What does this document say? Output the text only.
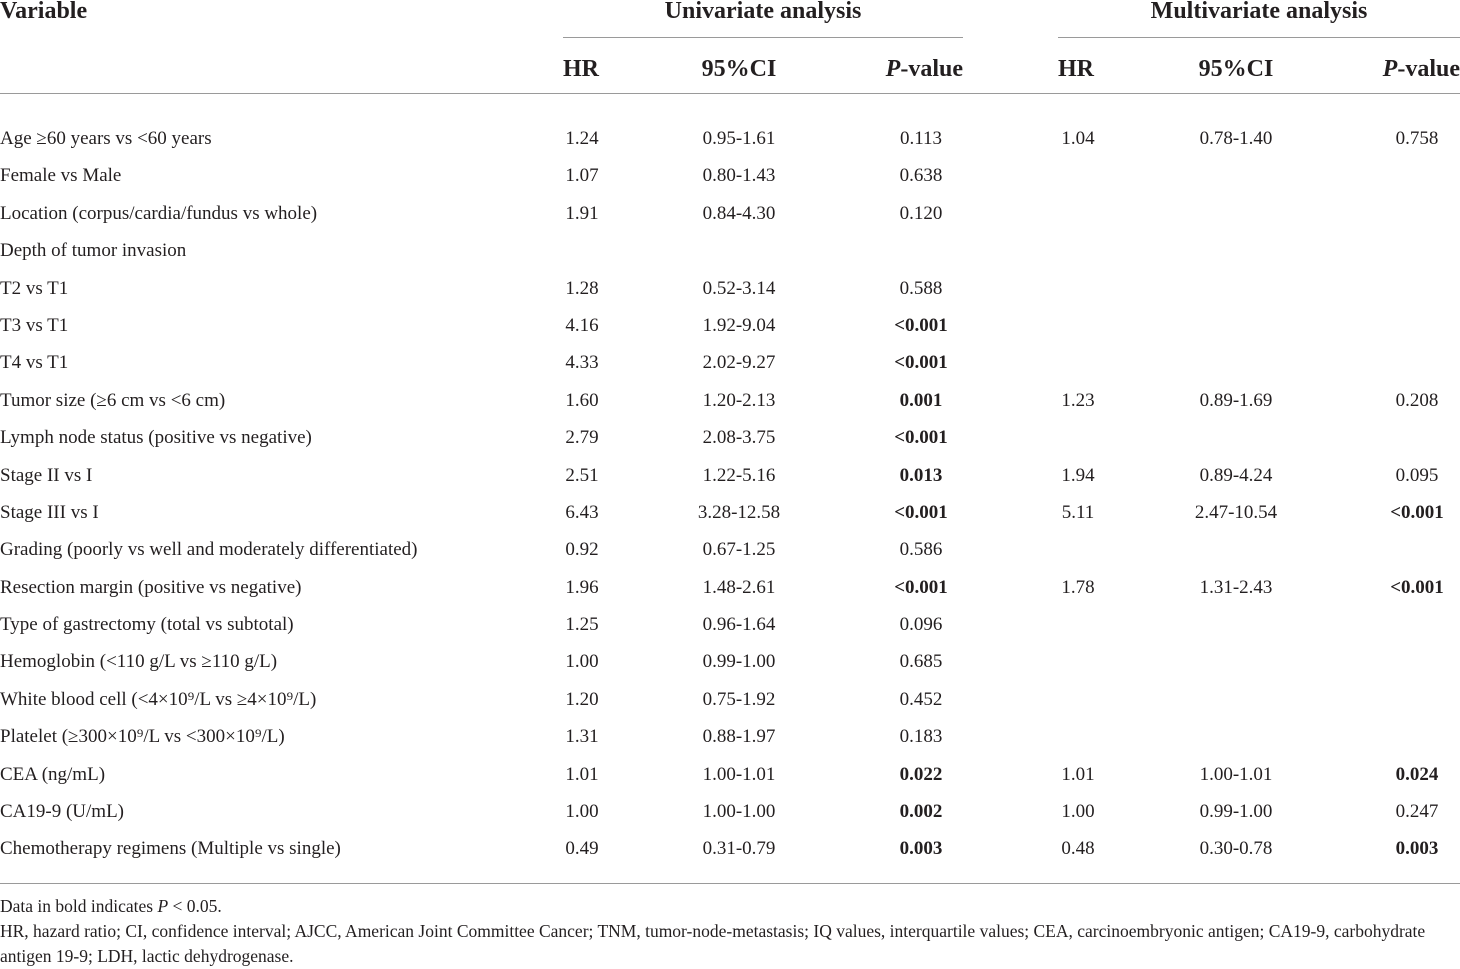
Variable	Univariate analysis	Multivariate analysis
HR	95%CI	P-value	HR	95%CI	P-value
Age ≥60 years vs <60 years	1.24	0.95-1.61	0.113	1.04	0.78-1.40	0.758
Female vs Male	1.07	0.80-1.43	0.638
Location (corpus/cardia/fundus vs whole)	1.91	0.84-4.30	0.120
Depth of tumor invasion
T2 vs T1	1.28	0.52-3.14	0.588
T3 vs T1	4.16	1.92-9.04	<0.001
T4 vs T1	4.33	2.02-9.27	<0.001
Tumor size (≥6 cm vs <6 cm)	1.60	1.20-2.13	0.001	1.23	0.89-1.69	0.208
Lymph node status (positive vs negative)	2.79	2.08-3.75	<0.001
Stage II vs I	2.51	1.22-5.16	0.013	1.94	0.89-4.24	0.095
Stage III vs I	6.43	3.28-12.58	<0.001	5.11	2.47-10.54	<0.001
Grading (poorly vs well and moderately differentiated)	0.92	0.67-1.25	0.586
Resection margin (positive vs negative)	1.96	1.48-2.61	<0.001	1.78	1.31-2.43	<0.001
Type of gastrectomy (total vs subtotal)	1.25	0.96-1.64	0.096
Hemoglobin (<110 g/L vs ≥110 g/L)	1.00	0.99-1.00	0.685
White blood cell (<4×10⁹/L vs ≥4×10⁹/L)	1.20	0.75-1.92	0.452
Platelet (≥300×10⁹/L vs <300×10⁹/L)	1.31	0.88-1.97	0.183
CEA (ng/mL)	1.01	1.00-1.01	0.022	1.01	1.00-1.01	0.024
CA19-9 (U/mL)	1.00	1.00-1.00	0.002	1.00	0.99-1.00	0.247
Chemotherapy regimens (Multiple vs single)	0.49	0.31-0.79	0.003	0.48	0.30-0.78	0.003
Data in bold indicates P < 0.05.
HR, hazard ratio; CI, confidence interval; AJCC, American Joint Committee Cancer; TNM, tumor-node-metastasis; IQ values, interquartile values; CEA, carcinoembryonic antigen; CA19-9, carbohydrate antigen 19-9; LDH, lactic dehydrogenase.
